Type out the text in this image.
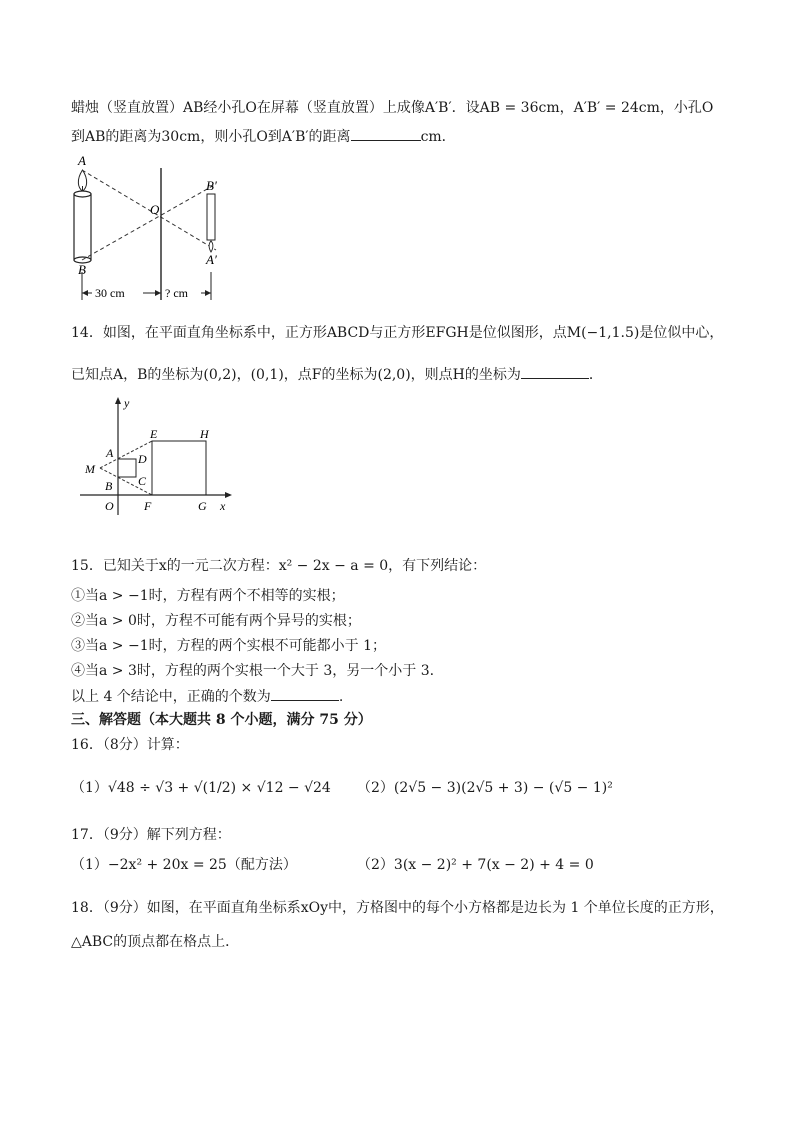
蜡烛（竖直放置）AB经小孔O在屏幕（竖直放置）上成像A′B′．设AB = 36cm，A′B′ = 24cm，小孔O
到AB的距离为30cm，则小孔O到A′B′的距离	cm．
A
B
O
B′
A′
30 cm	? cm
14．如图，在平面直角坐标系中，正方形ABCD与正方形EFGH是位似图形，点M(−1,1.5)是位似中心，
已知点A，B的坐标为(0,2)，(0,1)，点F的坐标为(2,0)，则点H的坐标为	．
y
x
M
A
B C
D
E	H
F	G
O
15．已知关于x的一元二次方程：x² − 2x − a = 0，有下列结论：
①当a > −1时，方程有两个不相等的实根；
②当a > 0时，方程不可能有两个异号的实根；
③当a > −1时，方程的两个实根不可能都小于 1；
④当a > 3时，方程的两个实根一个大于 3，另一个小于 3.
以上 4 个结论中，正确的个数为	.
三、解答题（本大题共 8 个小题，满分 75 分）
16．（8分）计算：
（1）√48 ÷ √3 + √(1/2) × √12 − √24 （2）(2√5 − 3)(2√5 + 3) − (√5 − 1)²
17．（9分）解下列方程：
（1）−2x² + 20x = 25（配方法）	（2）3(x − 2)² + 7(x − 2) + 4 = 0
18．（9分）如图，在平面直角坐标系xOy中，方格图中的每个小方格都是边长为 1 个单位长度的正方形，
△ABC的顶点都在格点上．
